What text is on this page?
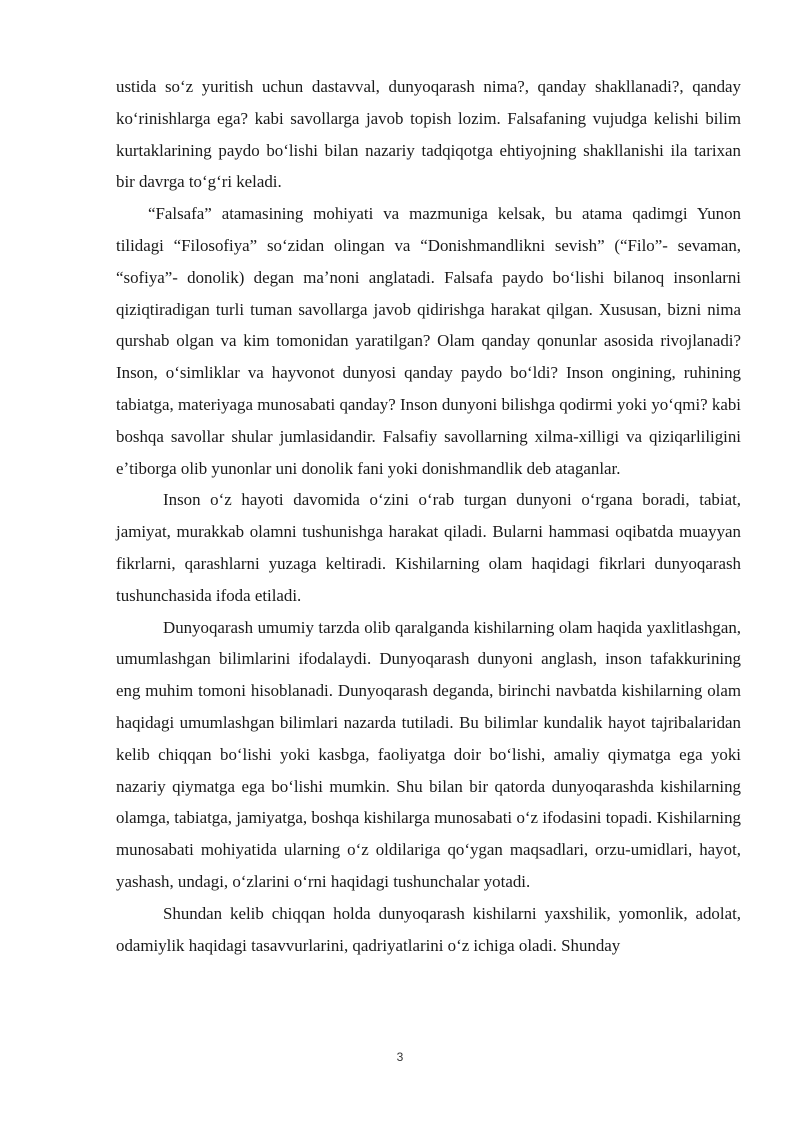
ustida soʻz yuritish uchun dastavval, dunyoqarash nima?, qanday shakllanadi?, qanday koʻrinishlarga ega? kabi savollarga javob topish lozim. Falsafaning vujudga kelishi bilim kurtaklarining paydo boʻlishi bilan nazariy tadqiqotga ehtiyojning shakllanishi ila tarixan bir davrga toʻgʻri keladi.

“Falsafa” atamasining mohiyati va mazmuniga kelsak, bu atama qadimgi Yunon tilidagi “Filosofiya” soʻzidan olingan va “Donishmandlikni sevish” (“Filo”- sevaman, “sofiya”- donolik) degan maʼnoni anglatadi. Falsafa paydo boʻlishi bilanoq insonlarni qiziqtiradigan turli tuman savollarga javob qidirishga harakat qilgan. Xususan, bizni nima qurshab olgan va kim tomonidan yaratilgan? Olam qanday qonunlar asosida rivojlanadi? Inson, oʻsimliklar va hayvonot dunyosi qanday paydo boʻldi? Inson ongining, ruhining tabiatga, materiyaga munosabati qanday? Inson dunyoni bilishga qodirmi yoki yoʻqmi? kabi boshqa savollar shular jumlasidandir. Falsafiy savollarning xilma-xilligi va qiziqarliligini eʼtiborga olib yunonlar uni donolik fani yoki donishmandlik deb ataganlar.

Inson oʻz hayoti davomida oʻzini oʻrab turgan dunyoni oʻrgana boradi, tabiat, jamiyat, murakkab olamni tushunishga harakat qiladi. Bularni hammasi oqibatda muayyan fikrlarni, qarashlarni yuzaga keltiradi. Kishilarning olam haqidagi fikrlari dunyoqarash tushunchasida ifoda etiladi.

Dunyoqarash umumiy tarzda olib qaralganda kishilarning olam haqida yaxlitlashgan, umumlashgan bilimlarini ifodalaydi. Dunyoqarash dunyoni anglash, inson tafakkurining eng muhim tomoni hisoblanadi. Dunyoqarash deganda, birinchi navbatda kishilarning olam haqidagi umumlashgan bilimlari nazarda tutiladi. Bu bilimlar kundalik hayot tajribalaridan kelib chiqqan boʻlishi yoki kasbga, faoliyatga doir boʻlishi, amaliy qiymatga ega yoki nazariy qiymatga ega boʻlishi mumkin. Shu bilan bir qatorda dunyoqarashda kishilarning olamga, tabiatga, jamiyatga, boshqa kishilarga munosabati oʻz ifodasini topadi. Kishilarning munosabati mohiyatida ularning oʻz oldilariga qoʻygan maqsadlari, orzu-umidlari, hayot, yashash, undagi, oʻzlarini oʻrni haqidagi tushunchalar yotadi.

Shundan kelib chiqqan holda dunyoqarash kishilarni yaxshilik, yomonlik, adolat, odamiylik haqidagi tasavvurlarini, qadriyatlarini oʻz ichiga oladi. Shunday

3
